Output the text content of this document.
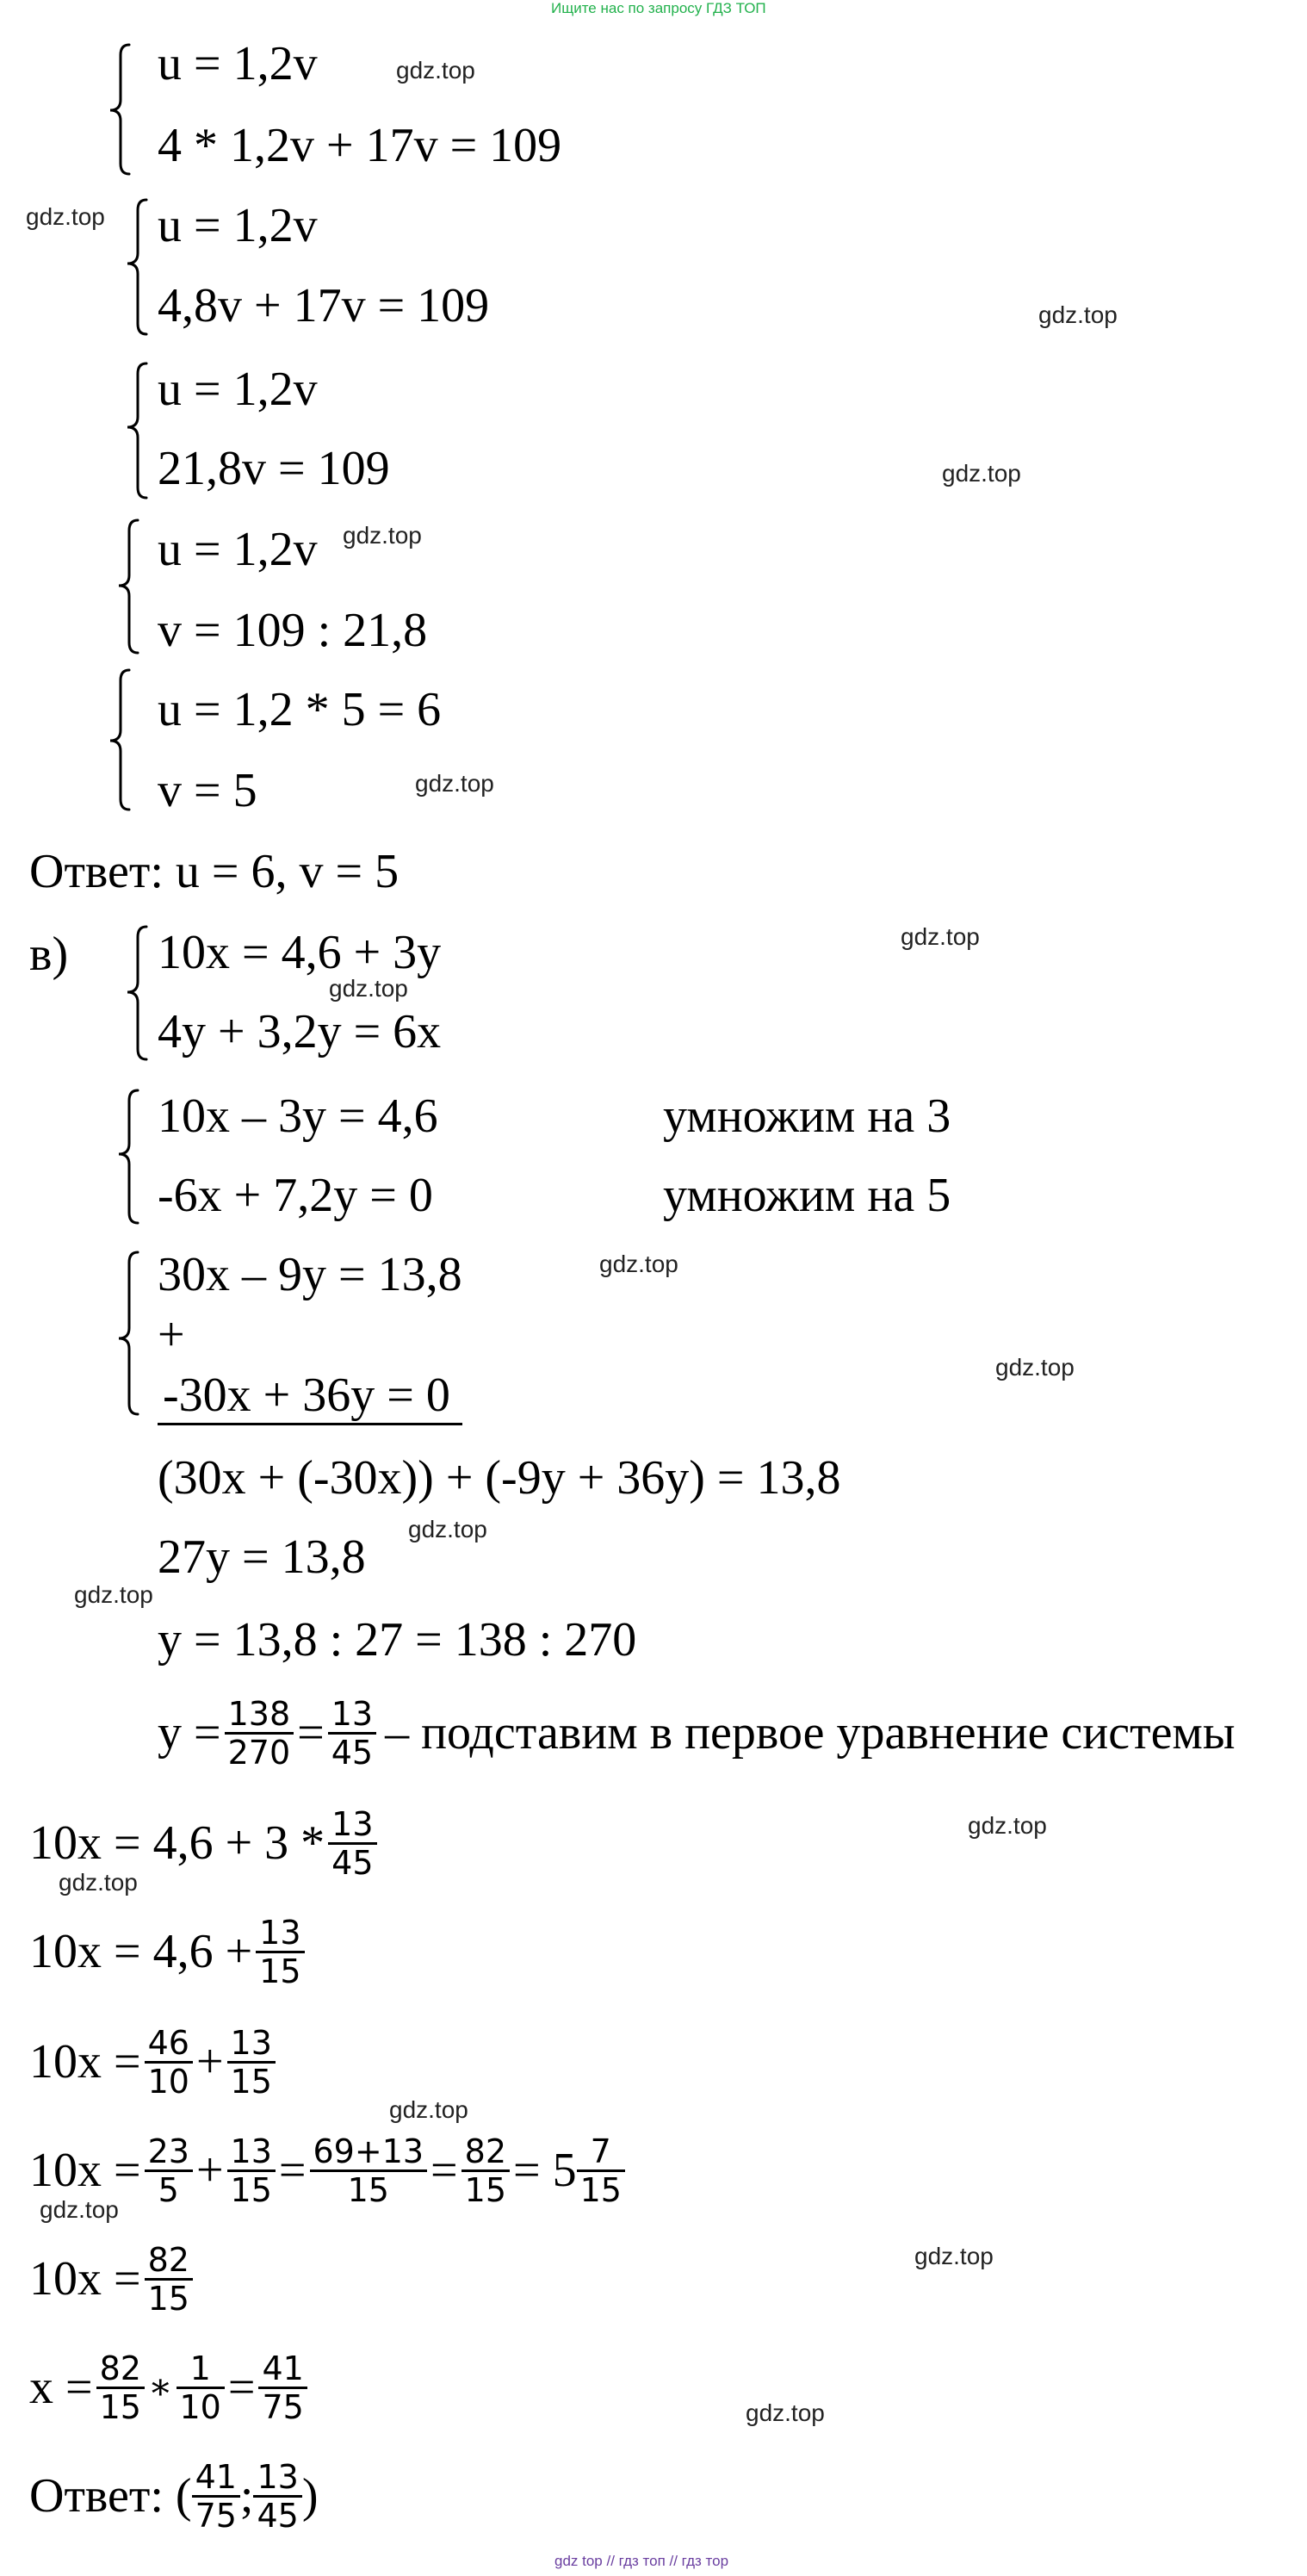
Ищите нас по запросу ГДЗ ТОП
u = 1,2v
4 * 1,2v + 17v = 109
u = 1,2v
4,8v + 17v = 109
u = 1,2v
21,8v = 109
u = 1,2v
v = 109 : 21,8
u = 1,2 * 5 = 6
v = 5
Ответ: u = 6, v = 5
в) 10x = 4,6 + 3y
4y + 3,2y = 6x
10x – 3y = 4,6
-6x + 7,2y = 0
умножим на 3
умножим на 5
30x – 9y = 13,8
+
-30x + 36y = 0
(30x + (-30x)) + (-9y + 36y) = 13,8
27y = 13,8
y = 13,8 : 27 = 138 : 270
$y = \frac{138}{270} = \frac{13}{45}$ – подставим в первое уравнение системы
$10x = 4,6 + 3 * \frac{13}{45}$
$10x = 4,6 + \frac{13}{15}$
$10x = \frac{46}{10} + \frac{13}{15}$
$10x = \frac{23}{5} + \frac{13}{15} = \frac{69+13}{15} = \frac{82}{15} = 5 \frac{7}{15}$
$10x = \frac{82}{15}$
$x = \frac{82}{15}$ ∗ $\frac{1}{10} = \frac{41}{75}$
Ответ: ( $\frac{41}{75}$ ; $\frac{13}{45}$ )
gdz.top
gdz.top
gdz.top
gdz.top
gdz.top
gdz.top
gdz.top
gdz.top
gdz.top
gdz.top
gdz.top
gdz.top
gdz.top
gdz.top
gdz.top
gdz.top
gdz.top
gdz.top
gdz top // гдз топ // гдз тор
